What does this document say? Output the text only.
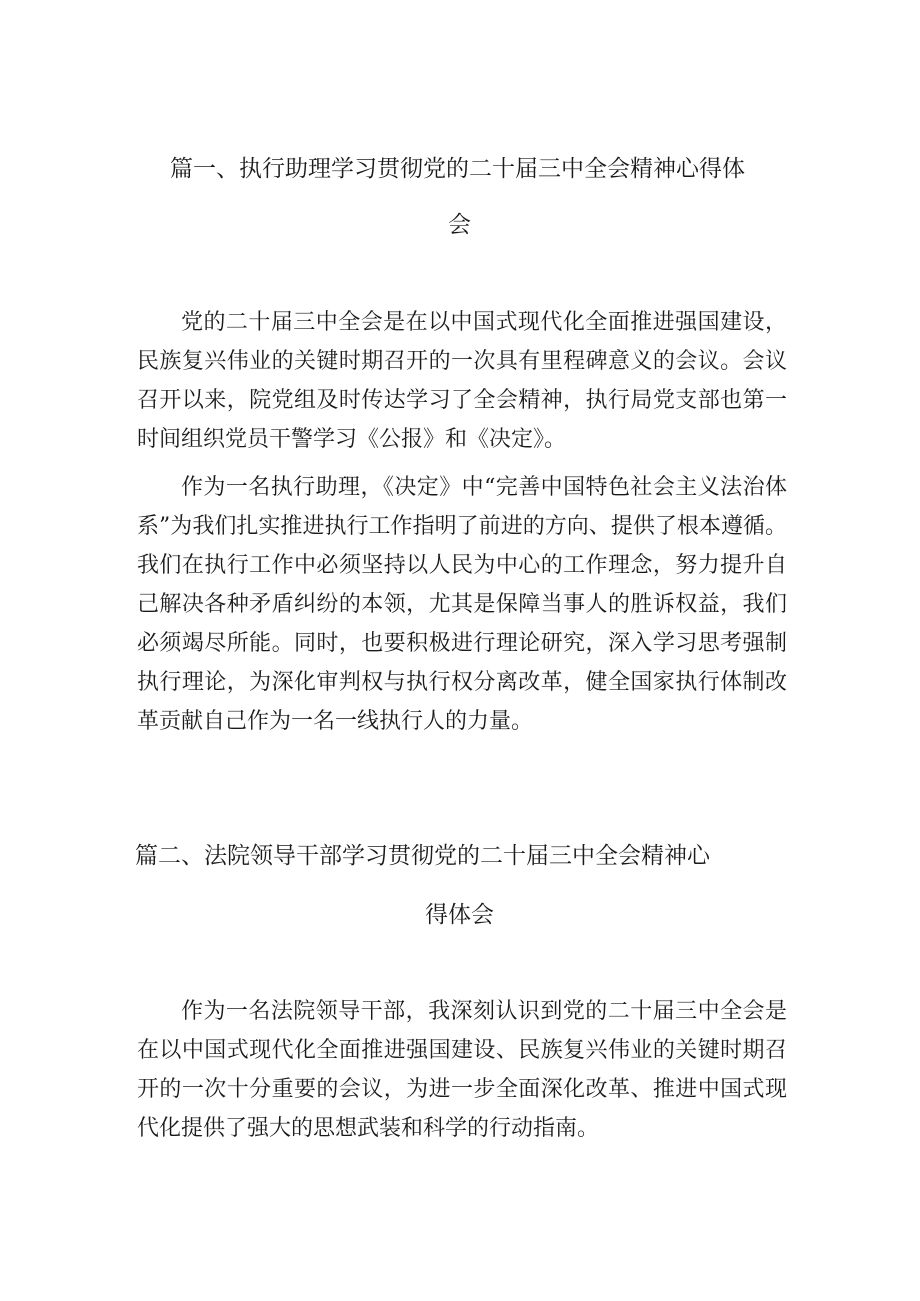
篇一、执行助理学习贯彻党的二十届三中全会精神心得体
会

党的二十届三中全会是在以中国式现代化全面推进强国建设，民族复兴伟业的关键时期召开的一次具有里程碑意义的会议。会议召开以来，院党组及时传达学习了全会精神，执行局党支部也第一时间组织党员干警学习《公报》和《决定》。

作为一名执行助理，《决定》中“完善中国特色社会主义法治体系”为我们扎实推进执行工作指明了前进的方向、提供了根本遵循。我们在执行工作中必须坚持以人民为中心的工作理念，努力提升自己解决各种矛盾纠纷的本领，尤其是保障当事人的胜诉权益，我们必须竭尽所能。同时，也要积极进行理论研究，深入学习思考强制执行理论，为深化审判权与执行权分离改革，健全国家执行体制改革贡献自己作为一名一线执行人的力量。

篇二、法院领导干部学习贯彻党的二十届三中全会精神心
得体会

作为一名法院领导干部，我深刻认识到党的二十届三中全会是在以中国式现代化全面推进强国建设、民族复兴伟业的关键时期召开的一次十分重要的会议，为进一步全面深化改革、推进中国式现代化提供了强大的思想武装和科学的行动指南。
